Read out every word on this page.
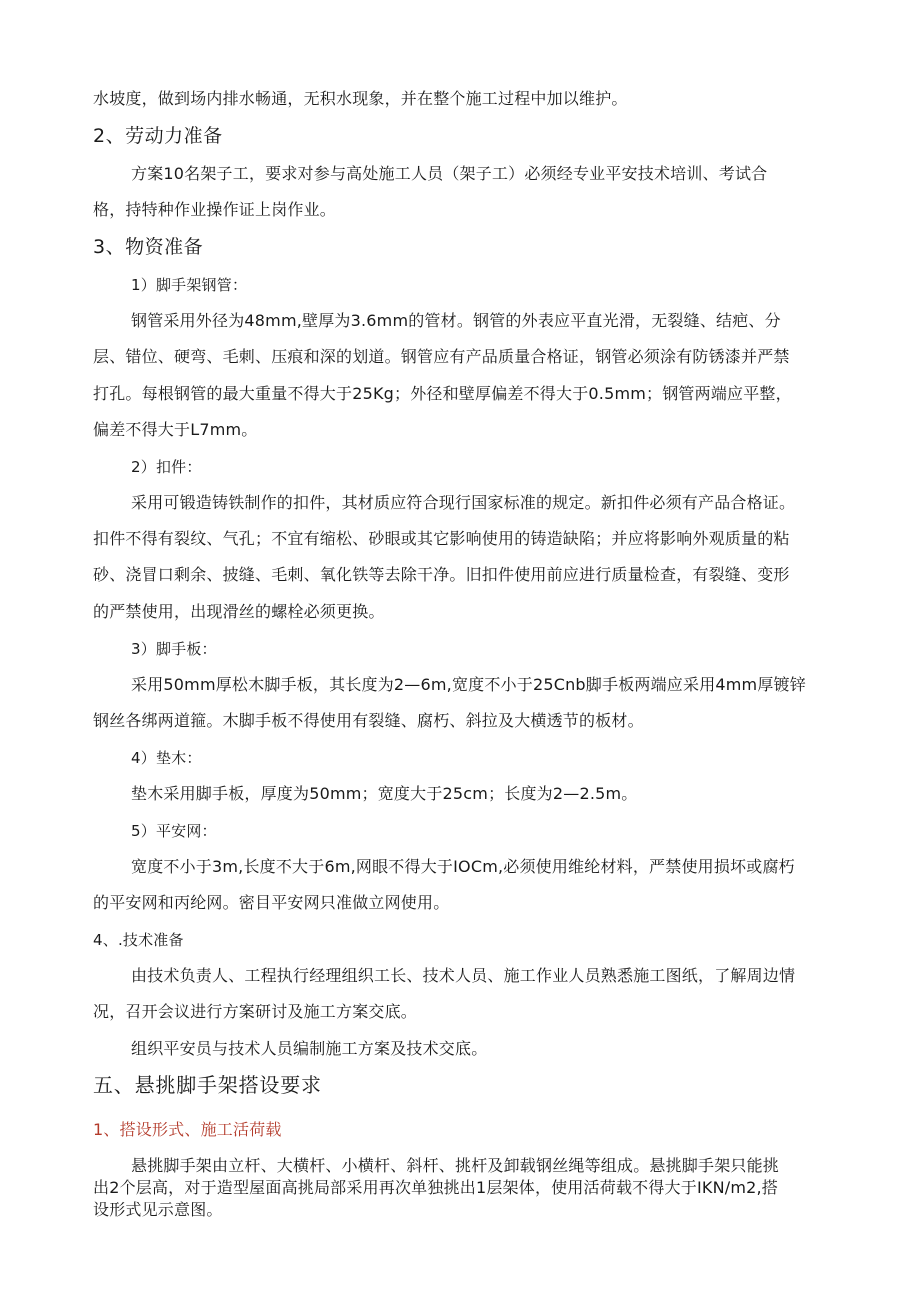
水坡度，做到场内排水畅通，无积水现象，并在整个施工过程中加以维护。
2、劳动力准备
方案10名架子工，要求对参与高处施工人员（架子工）必须经专业平安技术培训、考试合
格，持特种作业操作证上岗作业。
3、物资准备
1）脚手架钢管：
钢管采用外径为48mm,壁厚为3.6mm的管材。钢管的外表应平直光滑，无裂缝、结疤、分
层、错位、硬弯、毛刺、压痕和深的划道。钢管应有产品质量合格证，钢管必须涂有防锈漆并严禁
打孔。每根钢管的最大重量不得大于25Kg；外径和壁厚偏差不得大于0.5mm；钢管两端应平整，
偏差不得大于L7mm。
2）扣件：
采用可锻造铸铁制作的扣件，其材质应符合现行国家标准的规定。新扣件必须有产品合格证。
扣件不得有裂纹、气孔；不宜有缩松、砂眼或其它影响使用的铸造缺陷；并应将影响外观质量的粘
砂、浇冒口剩余、披缝、毛刺、氧化铁等去除干净。旧扣件使用前应进行质量检查，有裂缝、变形
的严禁使用，出现滑丝的螺栓必须更换。
3）脚手板：
采用50mm厚松木脚手板，其长度为2—6m,宽度不小于25Cnb脚手板两端应采用4mm厚镀锌
钢丝各绑两道箍。木脚手板不得使用有裂缝、腐朽、斜拉及大横透节的板材。
4）垫木：
垫木采用脚手板，厚度为50mm；宽度大于25cm；长度为2—2.5m。
5）平安网：
宽度不小于3m,长度不大于6m,网眼不得大于IOCm,必须使用维纶材料，严禁使用损坏或腐朽
的平安网和丙纶网。密目平安网只准做立网使用。
4、.技术准备
由技术负责人、工程执行经理组织工长、技术人员、施工作业人员熟悉施工图纸，了解周边情
况，召开会议进行方案研讨及施工方案交底。
组织平安员与技术人员编制施工方案及技术交底。
五、悬挑脚手架搭设要求
1、搭设形式、施工活荷载
悬挑脚手架由立杆、大横杆、小横杆、斜杆、挑杆及卸载钢丝绳等组成。悬挑脚手架只能挑
出2个层高，对于造型屋面高挑局部采用再次单独挑出1层架体，使用活荷载不得大于IKN∕m2,搭
设形式见示意图。
